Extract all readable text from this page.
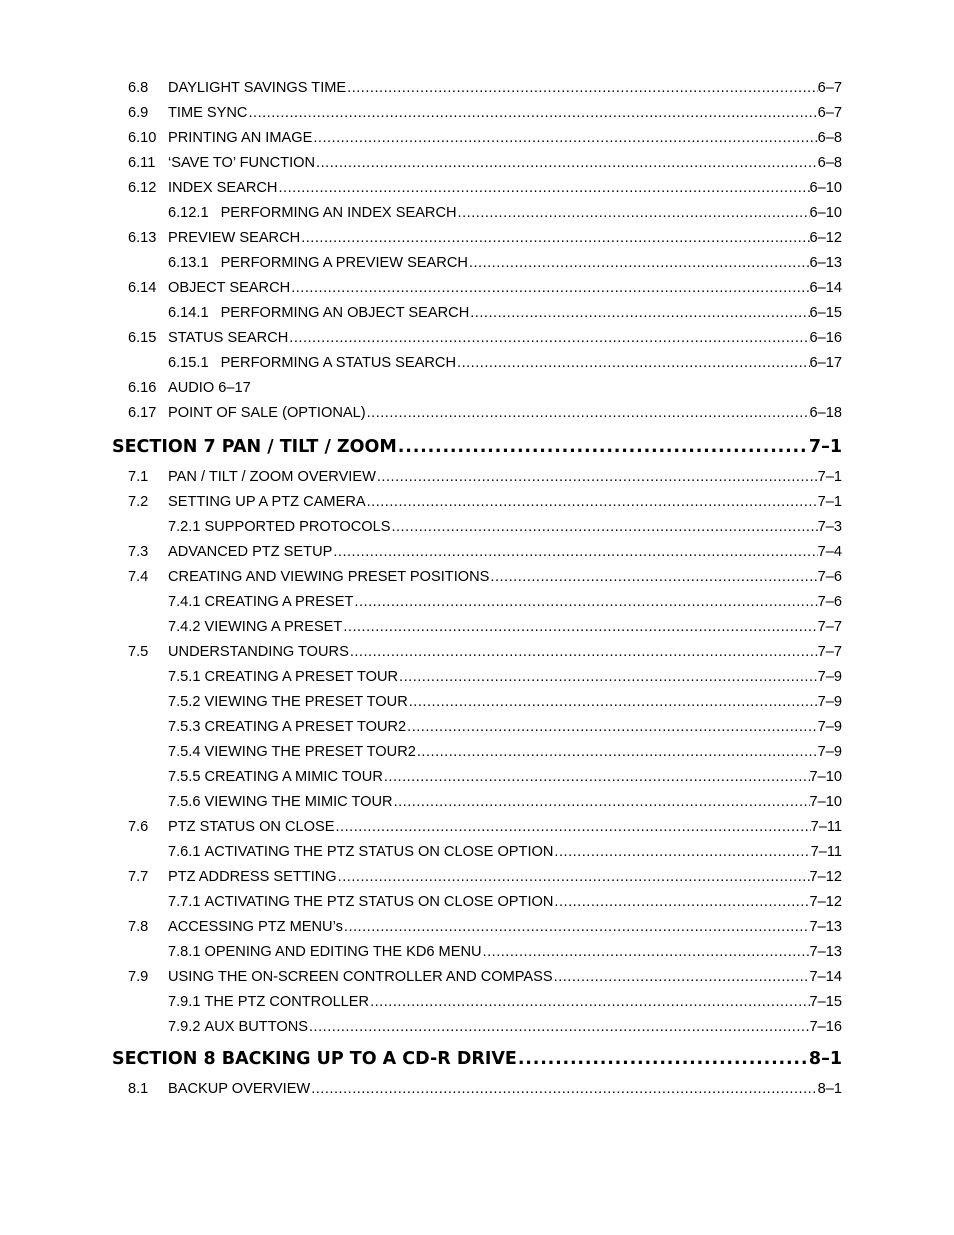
6.8	DAYLIGHT SAVINGS TIME .....	6–7
6.9	TIME SYNC .....	6–7
6.10 PRINTING AN IMAGE .....	6–8
6.11 ‘SAVE TO’ FUNCTION .....	6–8
6.12 INDEX SEARCH .....	6–10
6.12.1 PERFORMING AN INDEX SEARCH .....	6–10
6.13 PREVIEW SEARCH .....	6–12
6.13.1 PERFORMING A PREVIEW SEARCH .....	6–13
6.14 OBJECT SEARCH .....	6–14
6.14.1 PERFORMING AN OBJECT SEARCH .....	6–15
6.15 STATUS SEARCH .....	6–16
6.15.1 PERFORMING A STATUS SEARCH .....	6–17
6.16 AUDIO 6–17
6.17 POINT OF SALE (OPTIONAL) .....	6–18
SECTION 7 PAN / TILT / ZOOM .....	7–1
7.1	PAN / TILT / ZOOM OVERVIEW .....	7–1
7.2	SETTING UP A PTZ CAMERA .....	7–1
7.2.1 SUPPORTED PROTOCOLS .....	7–3
7.3	ADVANCED PTZ SETUP .....	7–4
7.4	CREATING AND VIEWING PRESET POSITIONS .....	7–6
7.4.1 CREATING A PRESET .....	7–6
7.4.2 VIEWING A PRESET .....	7–7
7.5	UNDERSTANDING TOURS .....	7–7
7.5.1 CREATING A PRESET TOUR .....	7–9
7.5.2 VIEWING THE PRESET TOUR .....	7–9
7.5.3 CREATING A PRESET TOUR2 .....	7–9
7.5.4 VIEWING THE PRESET TOUR2 .....	7–9
7.5.5 CREATING A MIMIC TOUR .....	7–10
7.5.6 VIEWING THE MIMIC TOUR .....	7–10
7.6	PTZ STATUS ON CLOSE .....	7–11
7.6.1 ACTIVATING THE PTZ STATUS ON CLOSE OPTION .....	7–11
7.7	PTZ ADDRESS SETTING .....	7–12
7.7.1 ACTIVATING THE PTZ STATUS ON CLOSE OPTION .....	7–12
7.8	ACCESSING PTZ MENU’s .....	7–13
7.8.1 OPENING AND EDITING THE KD6 MENU .....	7–13
7.9	USING THE ON-SCREEN CONTROLLER AND COMPASS .....	7–14
7.9.1 THE PTZ CONTROLLER .....	7–15
7.9.2 AUX BUTTONS .....	7–16
SECTION 8 BACKING UP TO A CD-R DRIVE .....	8–1
8.1	BACKUP OVERVIEW .....	8–1
